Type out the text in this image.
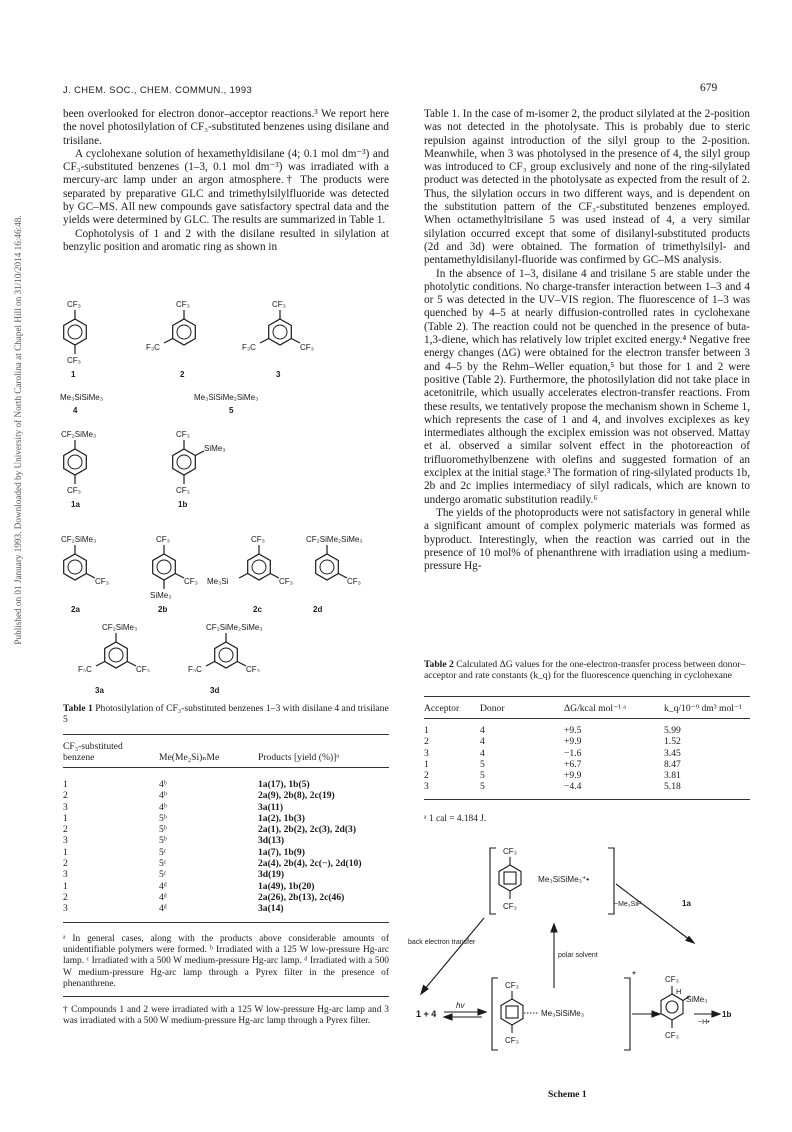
J. CHEM. SOC., CHEM. COMMUN., 1993	679
Published on 01 January 1993. Downloaded by University of North Carolina at Chapel Hill on 31/10/2014 16:46:48.

been overlooked for electron donor–acceptor reactions.³ We report here the novel photosilylation of CF₃-substituted benzenes using disilane and trisilane.

A cyclohexane solution of hexamethyldisilane (4; 0.1 mol dm⁻³) and CF₃-substituted benzenes (1–3, 0.1 mol dm⁻³) was irradiated with a mercury-arc lamp under an argon atmosphere.† The products were separated by preparative GLC and trimethylsilylfluoride was detected by GC–MS. All new compounds gave satisfactory spectral data and the yields were determined by GLC. The results are summarized in Table 1.

Cophotolysis of 1 and 2 with the disilane resulted in silylation at benzylic position and aromatic ring as shown in

CF₃
CF₃
1
CF₃
F₃C
2
CF₃
F₃C	CF₃
3
Me₃SiSiMe₃
4
Me₃SiSiMe₂SiMe₃
5
CF₂SiMe₃
CF₃
1a
CF₃
SiMe₃
CF₃
1b
CF₂SiMe₃
CF₃
2a
CF₃
CF₃
SiMe₃
2b
CF₃
Me₃Si	CF₃
2c
CF₂SiMe₂SiMe₃
CF₃
2d
CF₂SiMe₃
F₃C	CF₃
CF₂SiMe₂SiMe₃
F₃C	CF₃
3a	3d
Table 1 Photosilylation of CF₃-substituted benzenes 1–3 with disilane 4 and trisilane 5
CF₃-substituted benzene	Me(Me₂Si)ₙMe	Products [yield (%)]ᵃ
1	4ᵇ	1a(17), 1b(5)
2	4ᵇ	2a(9), 2b(8), 2c(19)
3	4ᵇ	3a(11)
1	5ᵇ	1a(2), 1b(3)
2	5ᵇ	2a(1), 2b(2), 2c(3), 2d(3)
3	5ᵇ	3d(13)
1	5ᶜ	1a(7), 1b(9)
2	5ᶜ	2a(4), 2b(4), 2c(−), 2d(10)
3	5ᶜ	3d(19)
1	4ᵈ	1a(49), 1b(20)
2	4ᵈ	2a(26), 2b(13), 2c(46)
3	4ᵈ	3a(14)
ᵃ In general cases, along with the products above considerable amounts of unidentifiable polymers were formed. ᵇ Irradiated with a 125 W low-pressure Hg-arc lamp. ᶜ Irradiated with a 500 W medium-pressure Hg-arc lamp. ᵈ Irradiated with a 500 W medium-pressure Hg-arc lamp through a Pyrex filter in the presence of phenanthrene.
† Compounds 1 and 2 were irradiated with a 125 W low-pressure Hg-arc lamp and 3 was irradiated with a 500 W medium-pressure Hg-arc lamp through a Pyrex filter.

Table 1. In the case of m-isomer 2, the product silylated at the 2-position was not detected in the photolysate. This is probably due to steric repulsion against introduction of the silyl group to the 2-position. Meanwhile, when 3 was photolysed in the presence of 4, the silyl group was introduced to CF₃ group exclusively and none of the ring-silylated product was detected in the photolysate as expected from the result of 2. Thus, the silylation occurs in two different ways, and is dependent on the substitution pattern of the CF₃-substituted benzenes employed. When octamethyltrisilane 5 was used instead of 4, a very similar silylation occurred except that some of disilanyl-substituted products (2d and 3d) were obtained. The formation of trimethylsilyl- and pentamethyldisilanyl-fluoride was confirmed by GC–MS analysis.

In the absence of 1–3, disilane 4 and trisilane 5 are stable under the photolytic conditions. No charge-transfer interaction between 1–3 and 4 or 5 was detected in the UV–VIS region. The fluorescence of 1–3 was quenched by 4–5 at nearly diffusion-controlled rates in cyclohexane (Table 2). The reaction could not be quenched in the presence of buta-1,3-diene, which has relatively low triplet excited energy.⁴ Negative free energy changes (ΔG) were obtained for the electron transfer between 3 and 4–5 by the Rehm–Weller equation,⁵ but those for 1 and 2 were positive (Table 2). Furthermore, the photosilylation did not take place in acetonitrile, which usually accelerates electron-transfer reactions. From these results, we tentatively propose the mechanism shown in Scheme 1, which represents the case of 1 and 4, and involves exciplexes as key intermediates although the exciplex emission was not observed. Mattay et al. observed a similar solvent effect in the photoreaction of trifluoromethylbenzene with olefins and suggested formation of an exciplex at the initial stage.³ The formation of ring-silylated products 1b, 2b and 2c implies intermediacy of silyl radicals, which are known to undergo aromatic substitution readily.⁶

The yields of the photoproducts were not satisfactory in general while a significant amount of complex polymeric materials was formed as byproduct. Interestingly, when the reaction was carried out in the presence of 10 mol% of phenanthrene with irradiation using a medium-pressure Hg-

Table 2 Calculated ΔG values for the one-electron-transfer process between donor–acceptor and rate constants (k_q) for the fluorescence quenching in cyclohexane
Acceptor Donor	ΔG/kcal mol⁻¹ ᵃ	k_q/10⁻⁹ dm³ mol⁻¹
1	4	+9.5	5.99
2	4	+9.9	1.52
3	4	−1.6	3.45
1	5	+6.7	8.47
2	5	+9.9	3.81
3	5	−4.4	5.18
ᵃ 1 cal = 4.184 J.
CF₃
CF₃
Me₃SiSiMe₃⁺•
back electron transfer
polar solvent
−Me₃SiF	1a
1 + 4
hv
CF₃
CF₃
Me₃SiSiMe₃
*	CF₃
H
SiMe₃
CF₃
−H•
1b
Scheme 1
